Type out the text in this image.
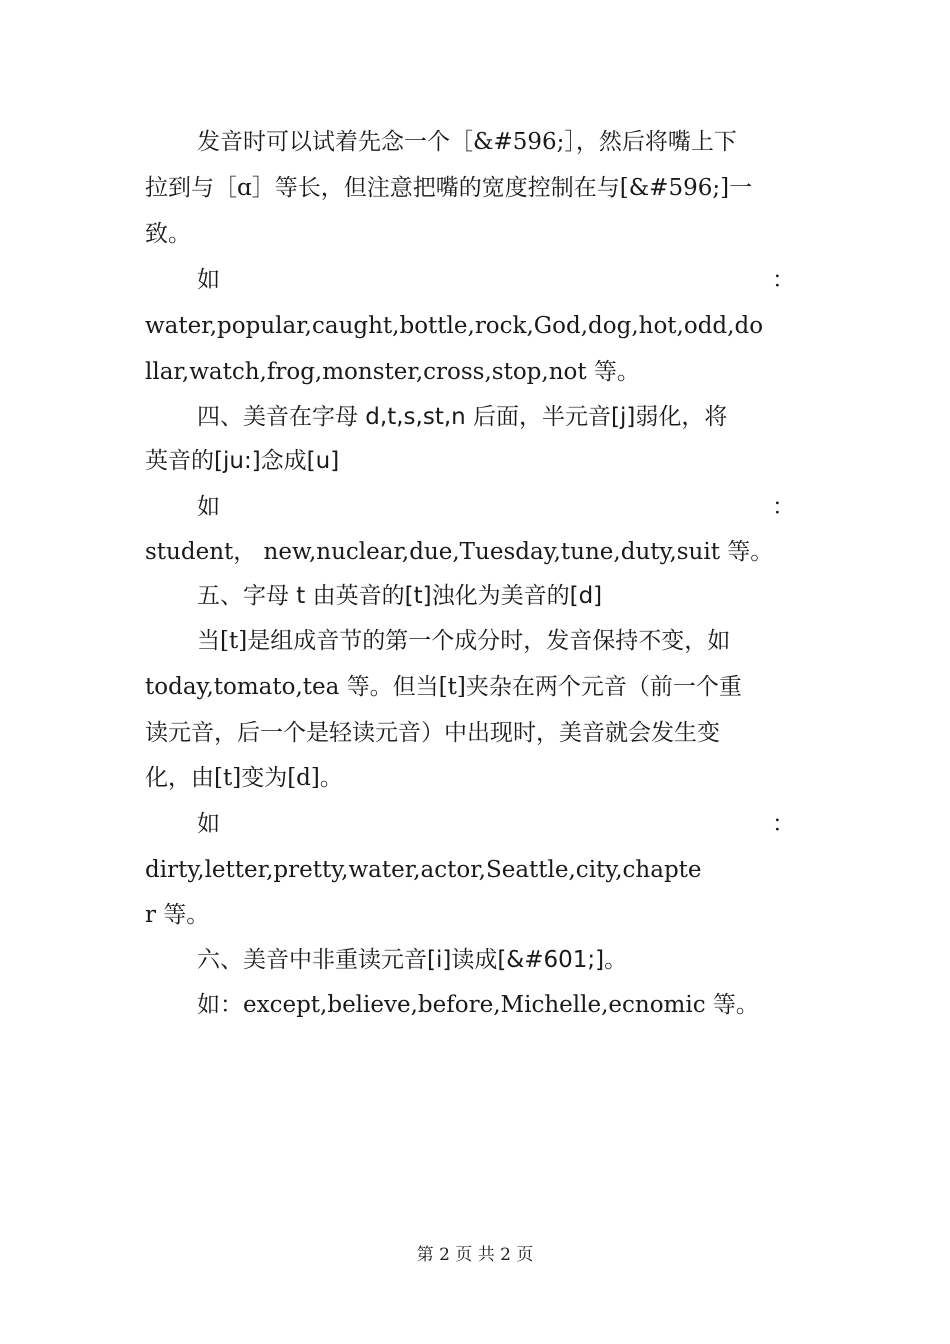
发音时可以试着先念一个［&#596;］，然后将嘴上下
拉到与［ɑ］等长，但注意把嘴的宽度控制在与[&#596;]一
致。
如	：
water,popular,caught,bottle,rock,God,dog,hot,odd,do
llar,watch,frog,monster,cross,stop,not 等。
四、美音在字母 d,t,s,st,n 后面，半元音[j]弱化，将
英音的[ju:]念成[u]
如	：
student， new,nuclear,due,Tuesday,tune,duty,suit 等。
五、字母 t 由英音的[t]浊化为美音的[d]
当[t]是组成音节的第一个成分时，发音保持不变，如
today,tomato,tea 等。但当[t]夹杂在两个元音（前一个重
读元音，后一个是轻读元音）中出现时，美音就会发生变
化，由[t]变为[d]。
如	：
dirty,letter,pretty,water,actor,Seattle,city,chapte
r 等。
六、美音中非重读元音[i]读成[&#601;]。
如：except,believe,before,Michelle,ecnomic 等。
第 2 页 共 2 页
